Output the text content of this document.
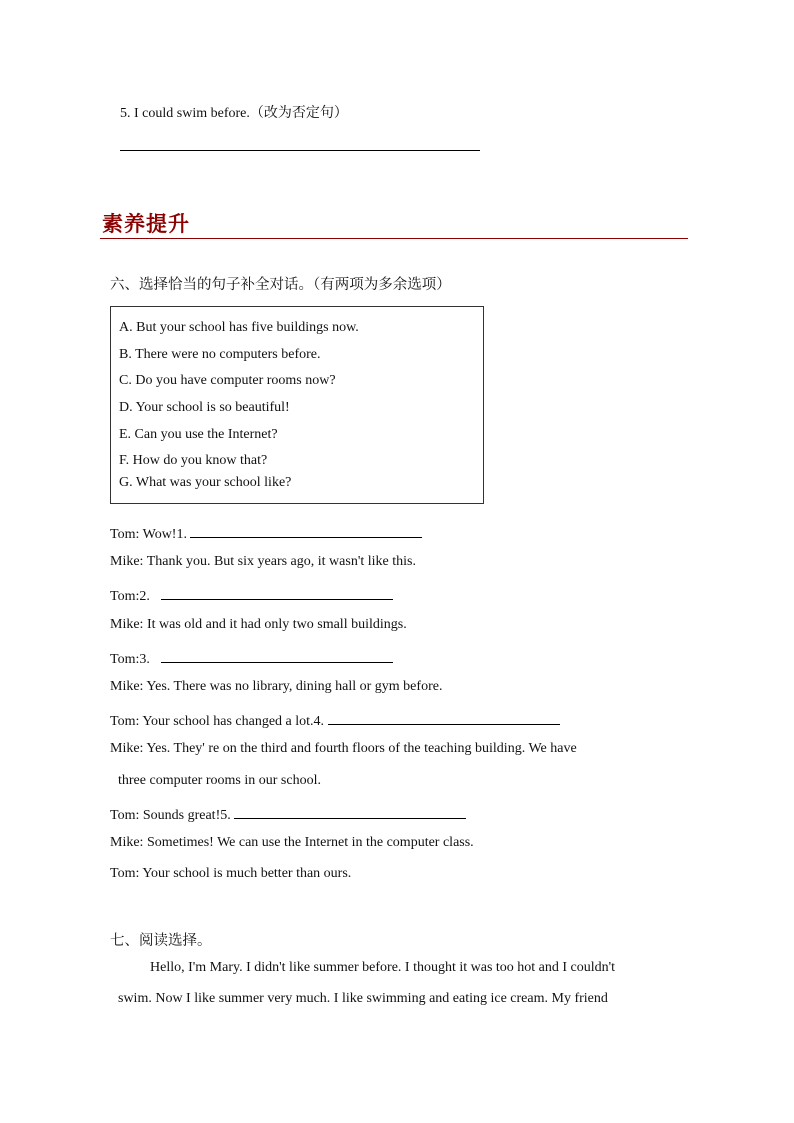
5. I could swim before.（改为否定句）
素养提升
六、选择恰当的句子补全对话。（有两项为多余选项）
A. But your school has five buildings now.
B. There were no computers before.
C. Do you have computer rooms now?
D. Your school is so beautiful!
E. Can you use the Internet?
F. How do you know that?
G. What was your school like?
Tom: Wow!1.
Mike: Thank you. But six years ago, it wasn't like this.
Tom:2.
Mike: It was old and it had only two small buildings.
Tom:3.
Mike: Yes. There was no library, dining hall or gym before.
Tom: Your school has changed a lot.4.
Mike: Yes. They' re on the third and fourth floors of the teaching building. We have
three computer rooms in our school.
Tom: Sounds great!5.
Mike: Sometimes! We can use the Internet in the computer class.
Tom: Your school is much better than ours.
七、阅读选择。
Hello, I'm Mary. I didn't like summer before. I thought it was too hot and I couldn't
swim. Now I like summer very much. I like swimming and eating ice cream. My friend
